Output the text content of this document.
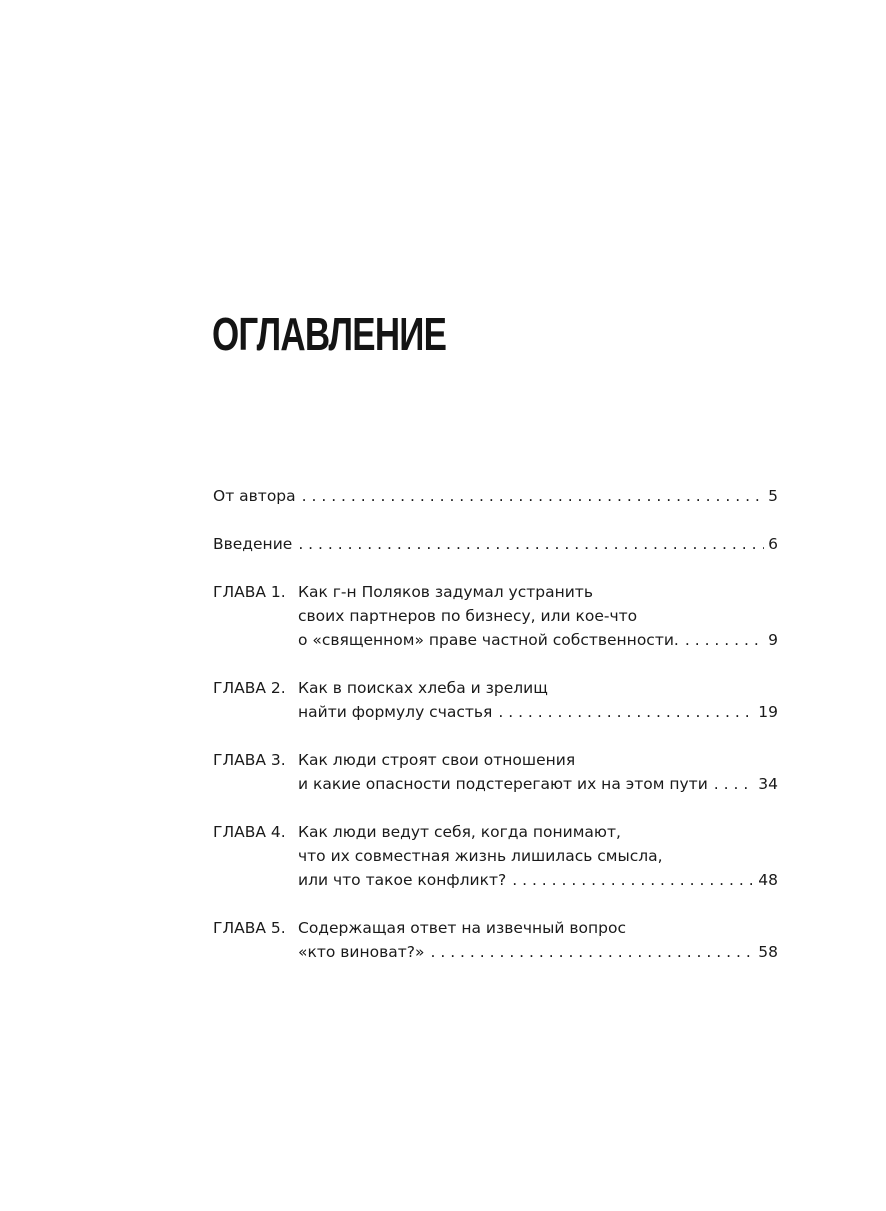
ОГЛАВЛЕНИЕ
От автора . . .	5
Введение . . .	6
ГЛАВА 1. Как г-н Поляков задумал устранить
своих партнеров по бизнесу, или кое-что
о «священном» праве частной собственности. . . .	9
ГЛАВА 2. Как в поисках хлеба и зрелищ
найти формулу счастья . . .	19
ГЛАВА 3. Как люди строят свои отношения
и какие опасности подстерегают их на этом пути . . .	34
ГЛАВА 4. Как люди ведут себя, когда понимают,
что их совместная жизнь лишилась смысла,
или что такое конфликт? . . .	48
ГЛАВА 5. Содержащая ответ на извечный вопрос
«кто виноват?» . . .	58
